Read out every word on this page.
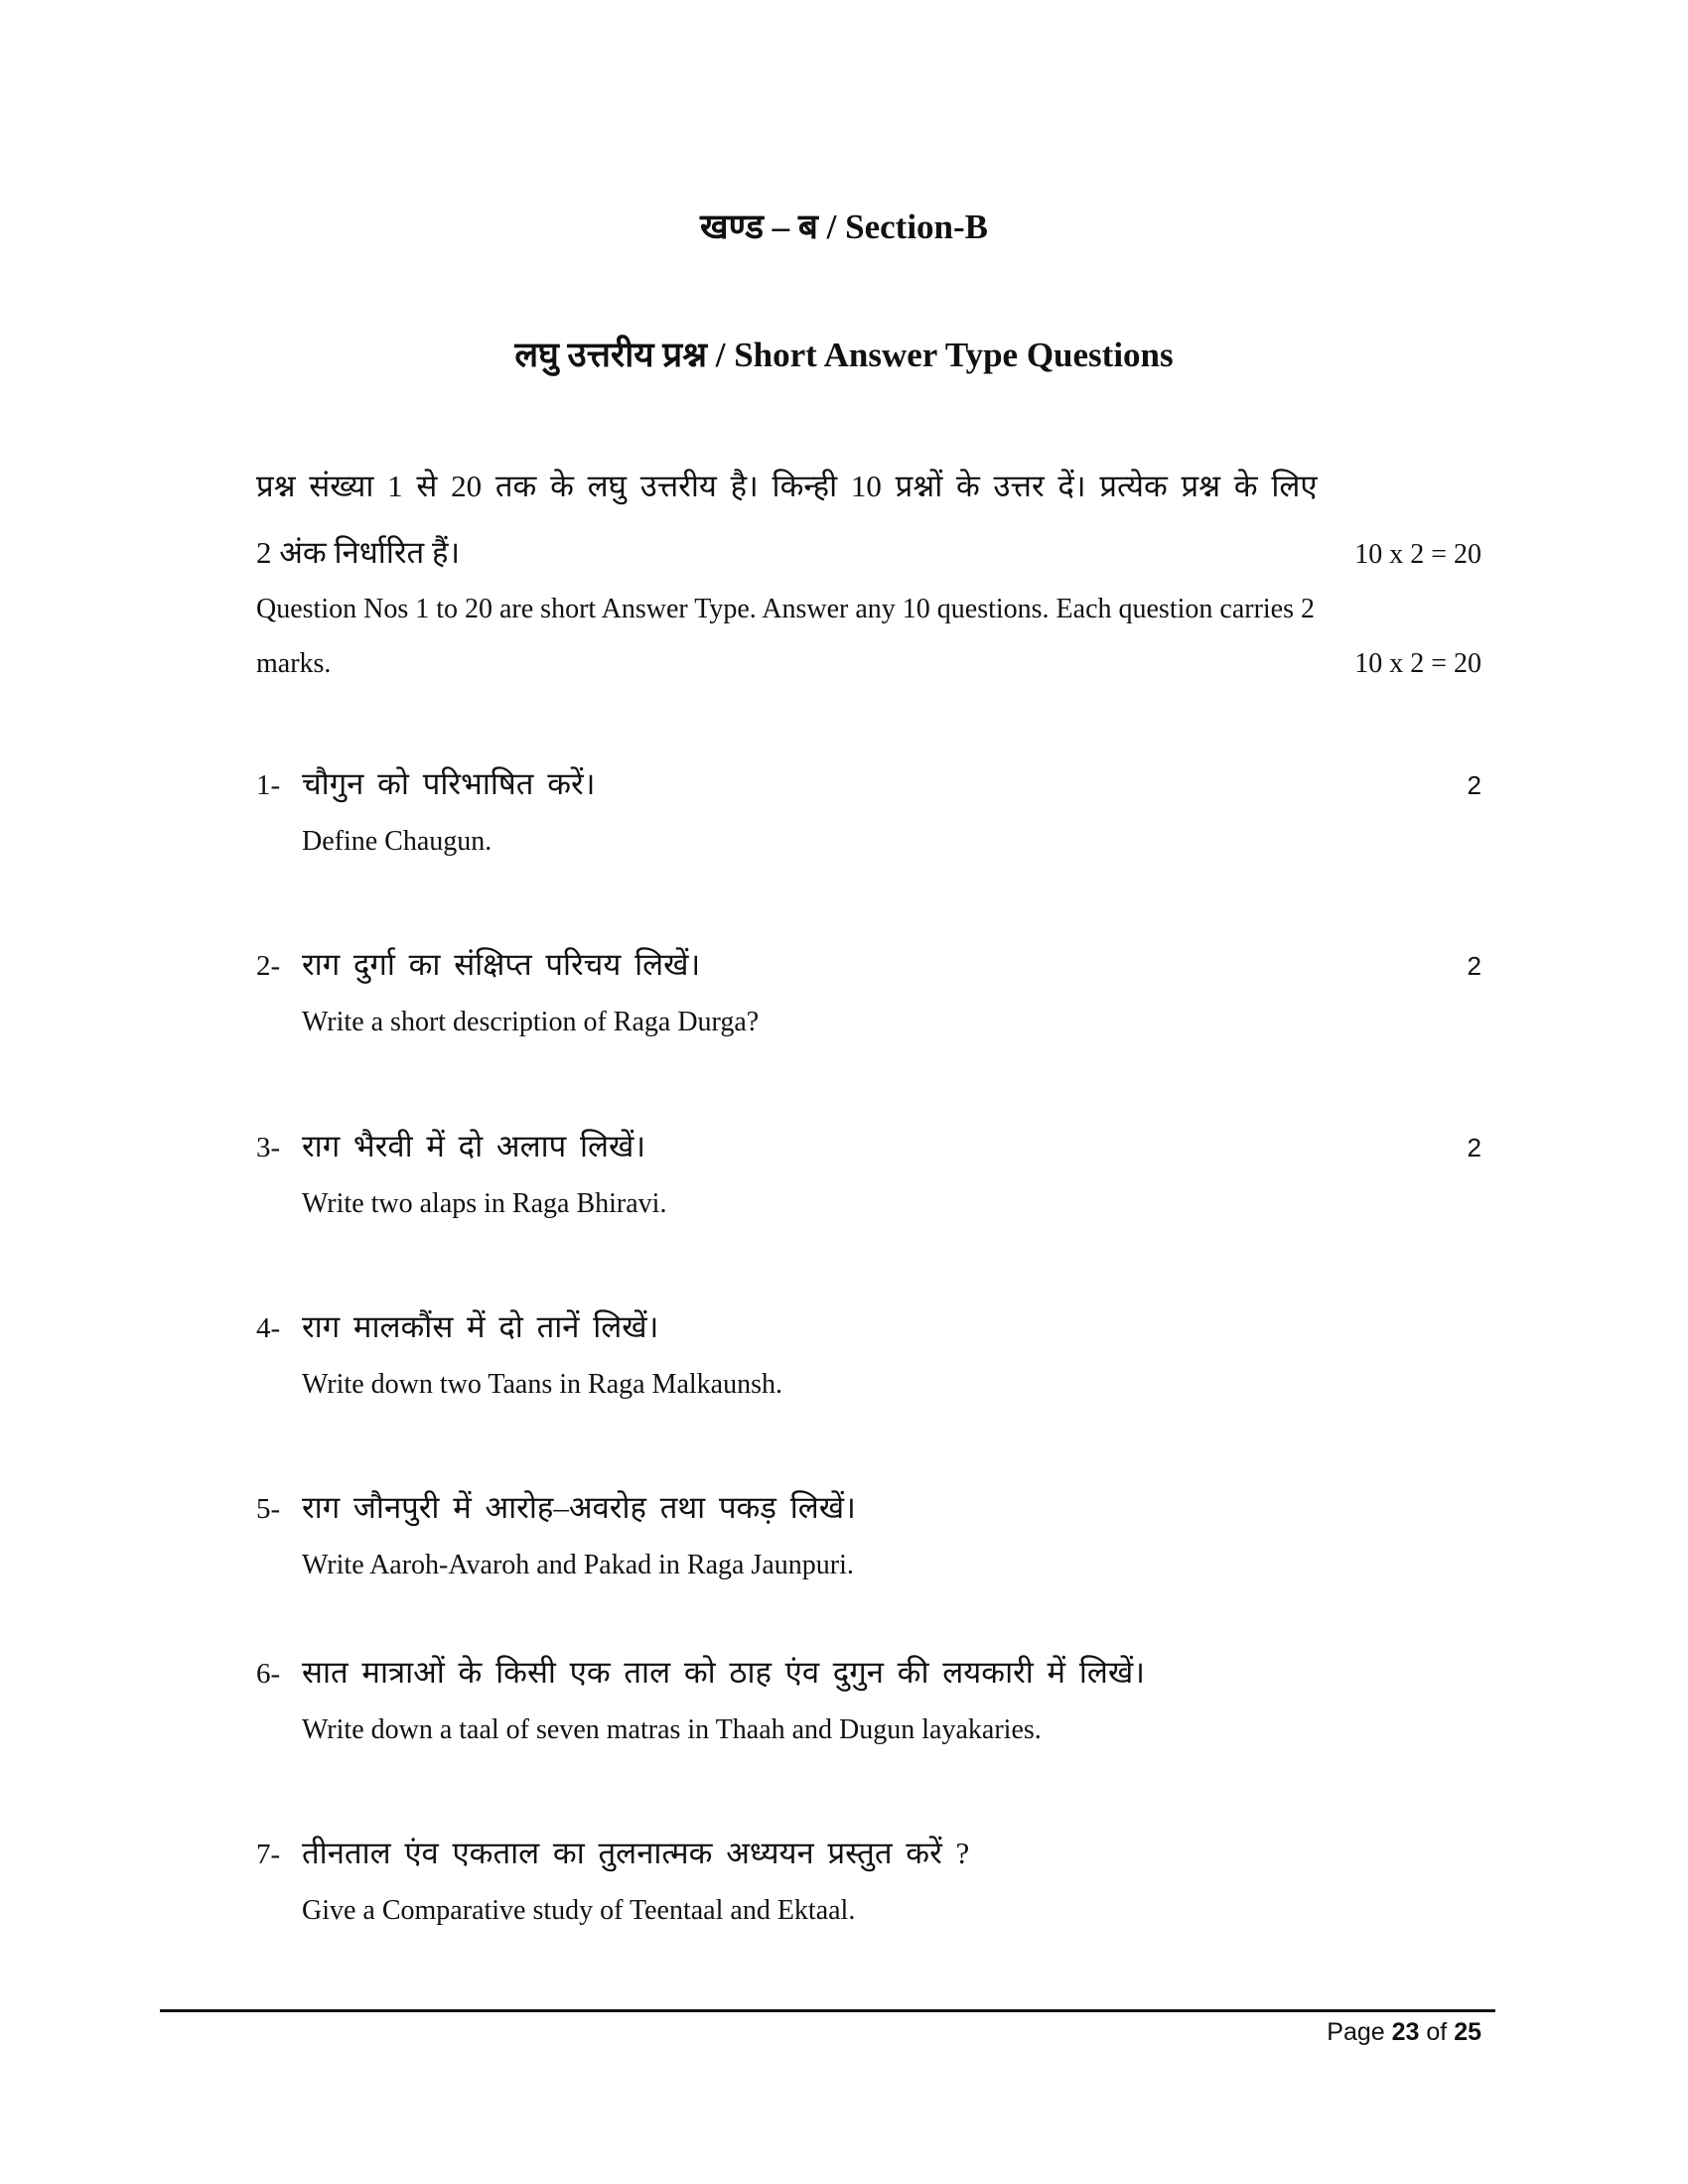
खण्ड – ब / Section-B
लघु उत्तरीय प्रश्न / Short Answer Type Questions
प्रश्न संख्या 1 से 20 तक के लघु उत्तरीय है। किन्ही 10 प्रश्नों के उत्तर दें। प्रत्येक प्रश्न के लिए
2 अंक निर्धारित हैं।	10 x 2 = 20
Question Nos 1 to 20 are short Answer Type. Answer any 10 questions. Each question carries 2
marks.	10 x 2 = 20
1- चौगुन को परिभाषित करें।	2
Define Chaugun.
2- राग दुर्गा का संक्षिप्त परिचय लिखें।	2
Write a short description of Raga Durga?
3- राग भैरवी में दो अलाप लिखें।	2
Write two alaps in Raga Bhiravi.
4- राग मालकौंस में दो तानें लिखें।
Write down two Taans in Raga Malkaunsh.
5- राग जौनपुरी में आरोह–अवरोह तथा पकड़ लिखें।
Write Aaroh-Avaroh and Pakad in Raga Jaunpuri.
6- सात मात्राओं के किसी एक ताल को ठाह एंव दुगुन की लयकारी में लिखें।
Write down a taal of seven matras in Thaah and Dugun layakaries.
7- तीनताल एंव एकताल का तुलनात्मक अध्ययन प्रस्तुत करें ?
Give a Comparative study of Teentaal and Ektaal.
Page 23 of 25
